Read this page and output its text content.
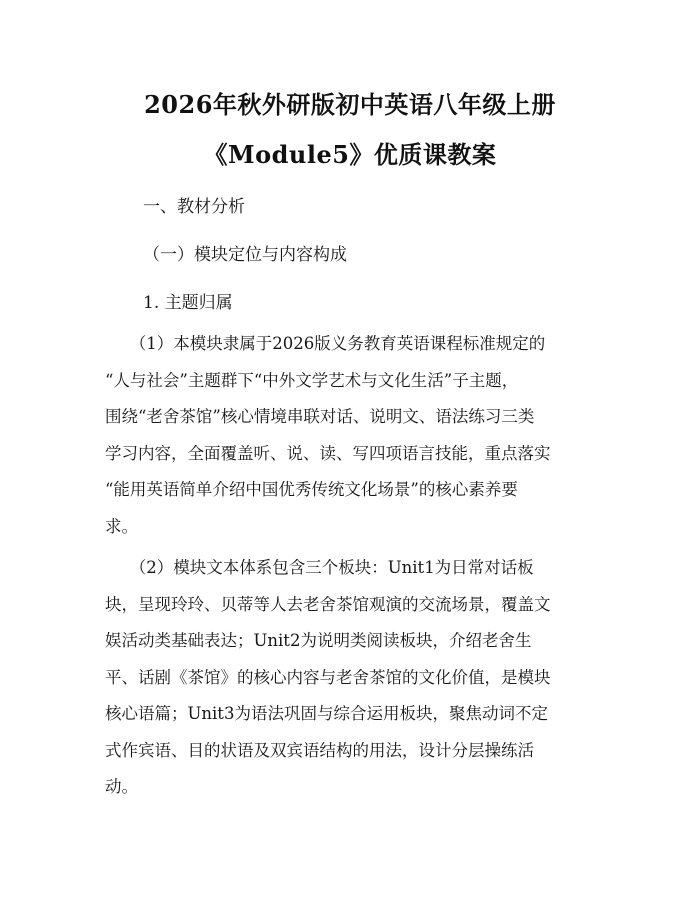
2026年秋外研版初中英语八年级上册
《Module5》优质课教案
一、教材分析
（一）模块定位与内容构成
1. 主题归属
　　（1）本模块隶属于2026版义务教育英语课程标准规定的
“人与社会”主题群下“中外文学艺术与文化生活”子主题，
围绕“老舍茶馆”核心情境串联对话、说明文、语法练习三类
学习内容，全面覆盖听、说、读、写四项语言技能，重点落实
“能用英语简单介绍中国优秀传统文化场景”的核心素养要
求。
　　（2）模块文本体系包含三个板块：Unit1为日常对话板
块，呈现玲玲、贝蒂等人去老舍茶馆观演的交流场景，覆盖文
娱活动类基础表达；Unit2为说明类阅读板块，介绍老舍生
平、话剧《茶馆》的核心内容与老舍茶馆的文化价值，是模块
核心语篇；Unit3为语法巩固与综合运用板块，聚焦动词不定
式作宾语、目的状语及双宾语结构的用法，设计分层操练活
动。
